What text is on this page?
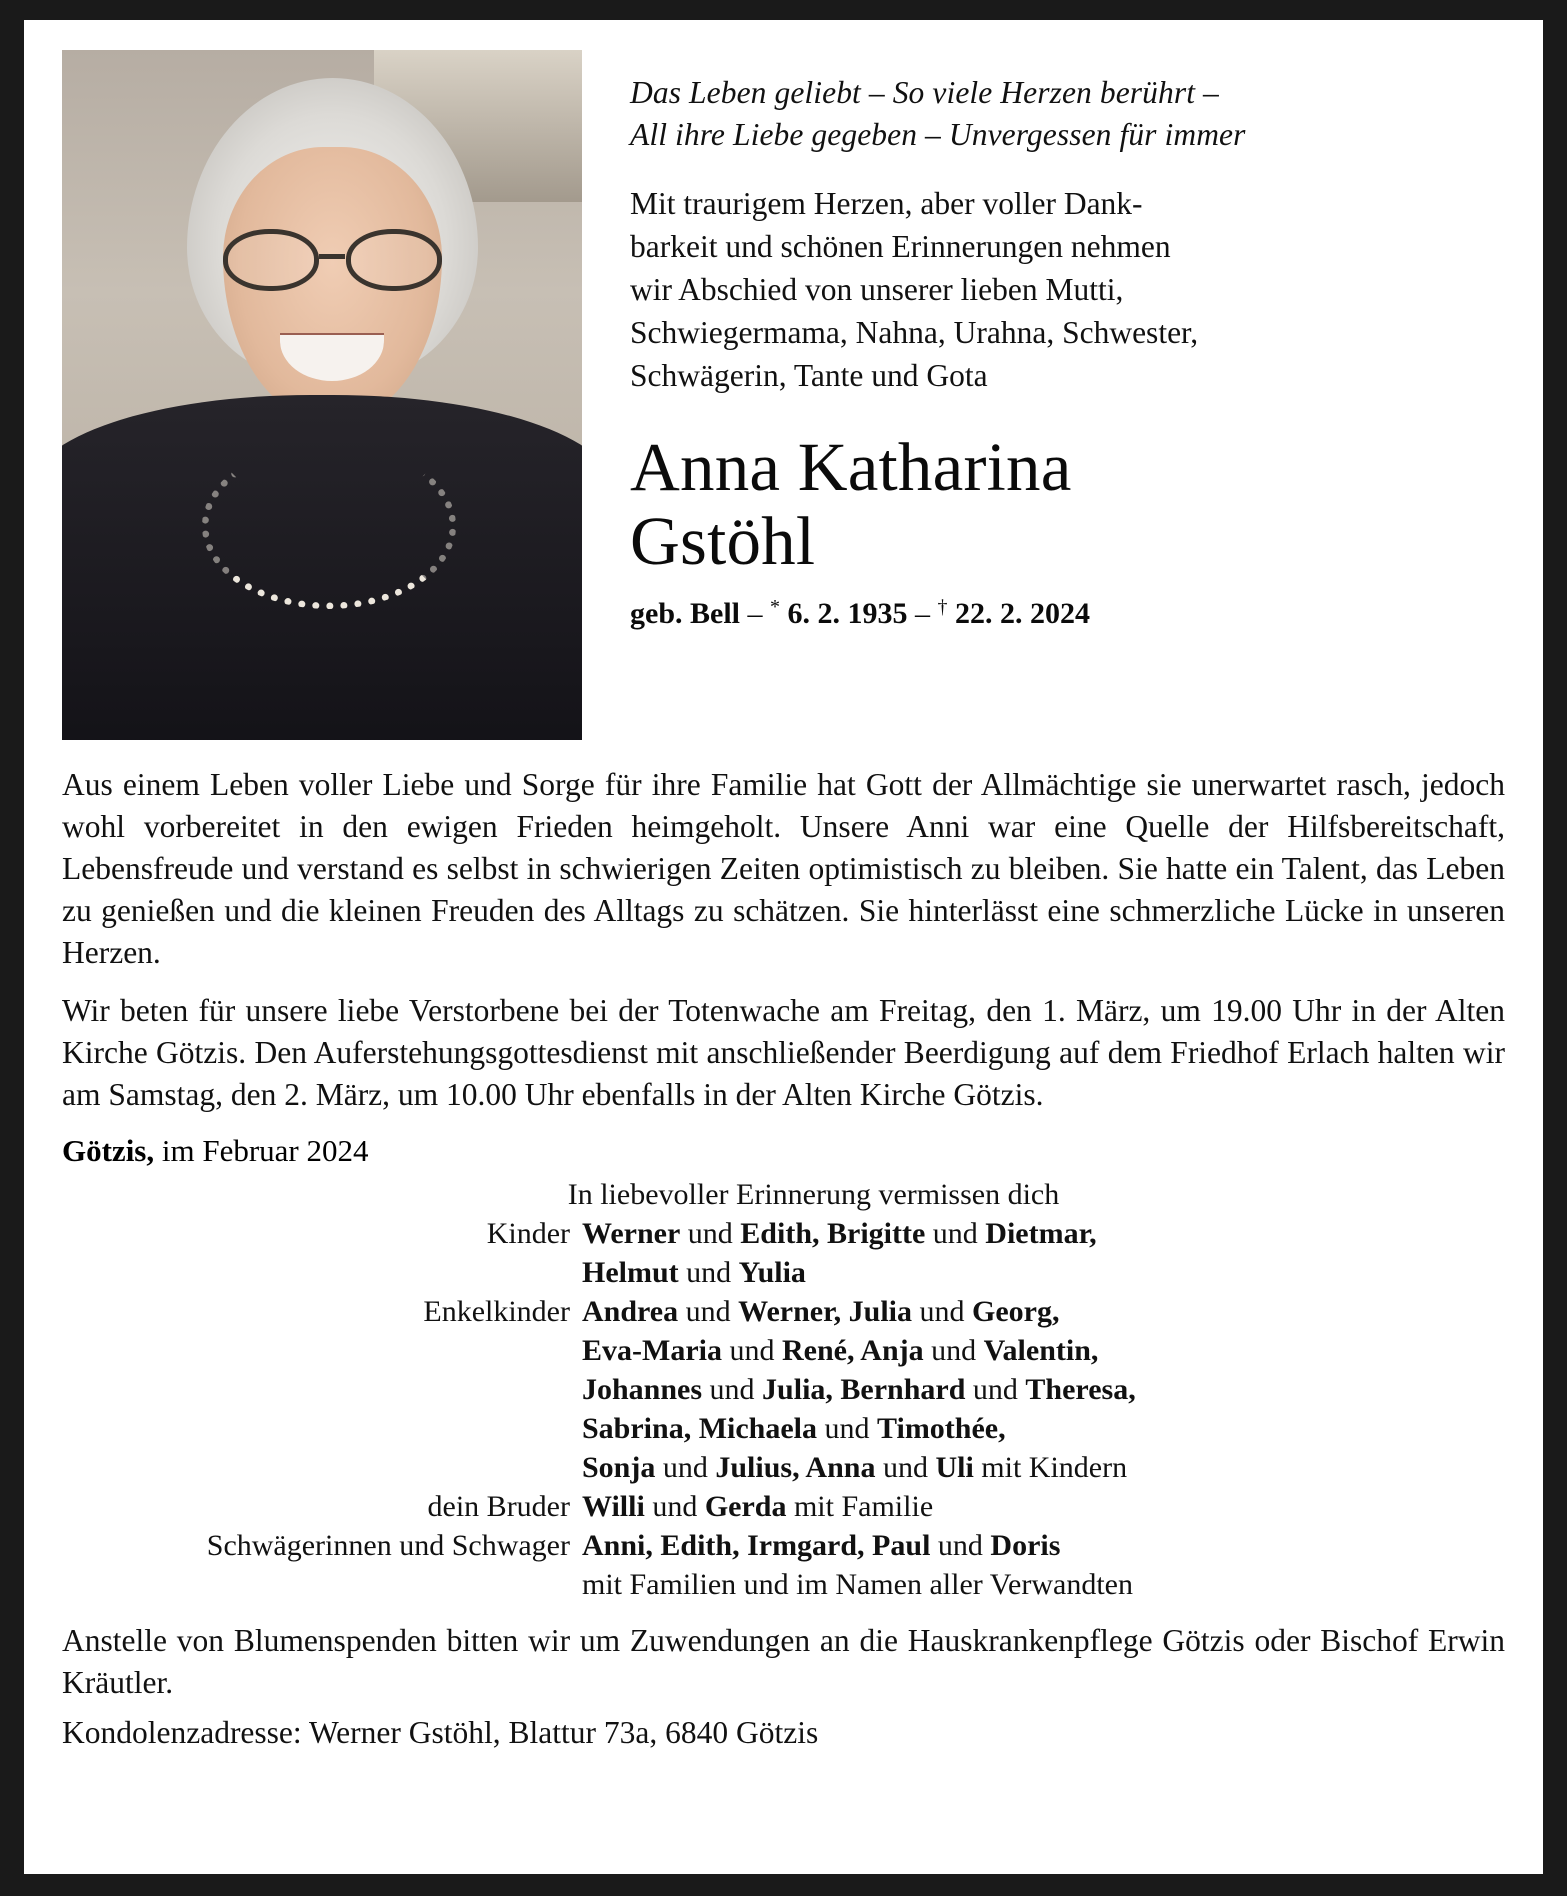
Das Leben geliebt – So viele Herzen berührt –
All ihre Liebe gegeben – Unvergessen für immer
Mit traurigem Herzen, aber voller Dank-
barkeit und schönen Erinnerungen nehmen
wir Abschied von unserer lieben Mutti,
Schwiegermama, Nahna, Urahna, Schwester,
Schwägerin, Tante und Gota
Anna Katharina
Gstöhl
geb. Bell – * 6. 2. 1935 – † 22. 2. 2024

Aus einem Leben voller Liebe und Sorge für ihre Familie hat Gott der Allmächtige sie unerwartet rasch, jedoch wohl vorbereitet in den ewigen Frieden heimgeholt. Unsere Anni war eine Quelle der Hilfsbereitschaft, Lebensfreude und verstand es selbst in schwierigen Zeiten optimistisch zu bleiben. Sie hatte ein Talent, das Leben zu genießen und die kleinen Freuden des Alltags zu schätzen. Sie hinterlässt eine schmerzliche Lücke in unseren Herzen.

Wir beten für unsere liebe Verstorbene bei der Totenwache am Freitag, den 1. März, um 19.00 Uhr in der Alten Kirche Götzis. Den Auferstehungsgottesdienst mit anschließender Beerdigung auf dem Friedhof Erlach halten wir am Samstag, den 2. März, um 10.00 Uhr ebenfalls in der Alten Kirche Götzis.

Götzis, im Februar 2024
In liebevoller Erinnerung vermissen dich
Kinder Werner und Edith, Brigitte und Dietmar,
Helmut und Yulia
Enkelkinder Andrea und Werner, Julia und Georg,
Eva-Maria und René, Anja und Valentin,
Johannes und Julia, Bernhard und Theresa,
Sabrina, Michaela und Timothée,
Sonja und Julius, Anna und Uli mit Kindern
dein Bruder Willi und Gerda mit Familie
Schwägerinnen und Schwager Anni, Edith, Irmgard, Paul und Doris
mit Familien und im Namen aller Verwandten

Anstelle von Blumenspenden bitten wir um Zuwendungen an die Hauskrankenpflege Götzis oder Bischof Erwin Kräutler.

Kondolenzadresse: Werner Gstöhl, Blattur 73a, 6840 Götzis
